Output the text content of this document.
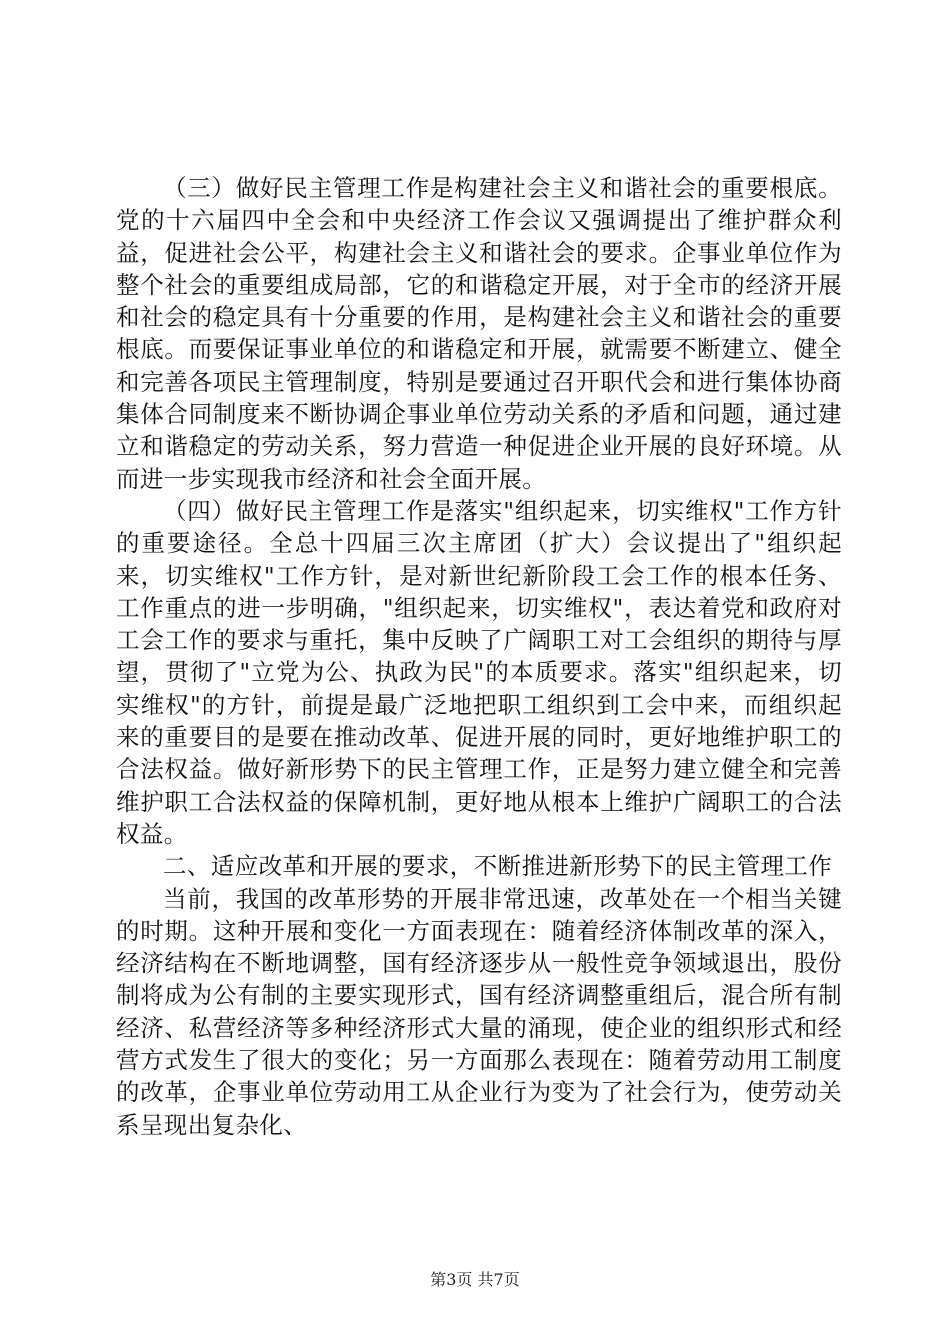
（三）做好民主管理工作是构建社会主义和谐社会的重要根底。党的十六届四中全会和中央经济工作会议又强调提出了维护群众利益，促进社会公平，构建社会主义和谐社会的要求。企事业单位作为整个社会的重要组成局部，它的和谐稳定开展，对于全市的经济开展和社会的稳定具有十分重要的作用，是构建社会主义和谐社会的重要根底。而要保证事业单位的和谐稳定和开展，就需要不断建立、健全和完善各项民主管理制度，特别是要通过召开职代会和进行集体协商集体合同制度来不断协调企事业单位劳动关系的矛盾和问题，通过建立和谐稳定的劳动关系，努力营造一种促进企业开展的良好环境。从而进一步实现我市经济和社会全面开展。

（四）做好民主管理工作是落实"组织起来，切实维权"工作方针的重要途径。全总十四届三次主席团（扩大）会议提出了"组织起来，切实维权"工作方针，是对新世纪新阶段工会工作的根本任务、工作重点的进一步明确，"组织起来，切实维权"，表达着党和政府对工会工作的要求与重托，集中反映了广阔职工对工会组织的期待与厚望，贯彻了"立党为公、执政为民"的本质要求。落实"组织起来，切实维权"的方针，前提是最广泛地把职工组织到工会中来，而组织起来的重要目的是要在推动改革、促进开展的同时，更好地维护职工的合法权益。做好新形势下的民主管理工作，正是努力建立健全和完善维护职工合法权益的保障机制，更好地从根本上维护广阔职工的合法权益。

二、适应改革和开展的要求，不断推进新形势下的民主管理工作

当前，我国的改革形势的开展非常迅速，改革处在一个相当关键的时期。这种开展和变化一方面表现在：随着经济体制改革的深入，经济结构在不断地调整，国有经济逐步从一般性竞争领域退出，股份制将成为公有制的主要实现形式，国有经济调整重组后，混合所有制经济、私营经济等多种经济形式大量的涌现，使企业的组织形式和经营方式发生了很大的变化；另一方面那么表现在：随着劳动用工制度的改革，企事业单位劳动用工从企业行为变为了社会行为，使劳动关系呈现出复杂化、

第3页 共7页
